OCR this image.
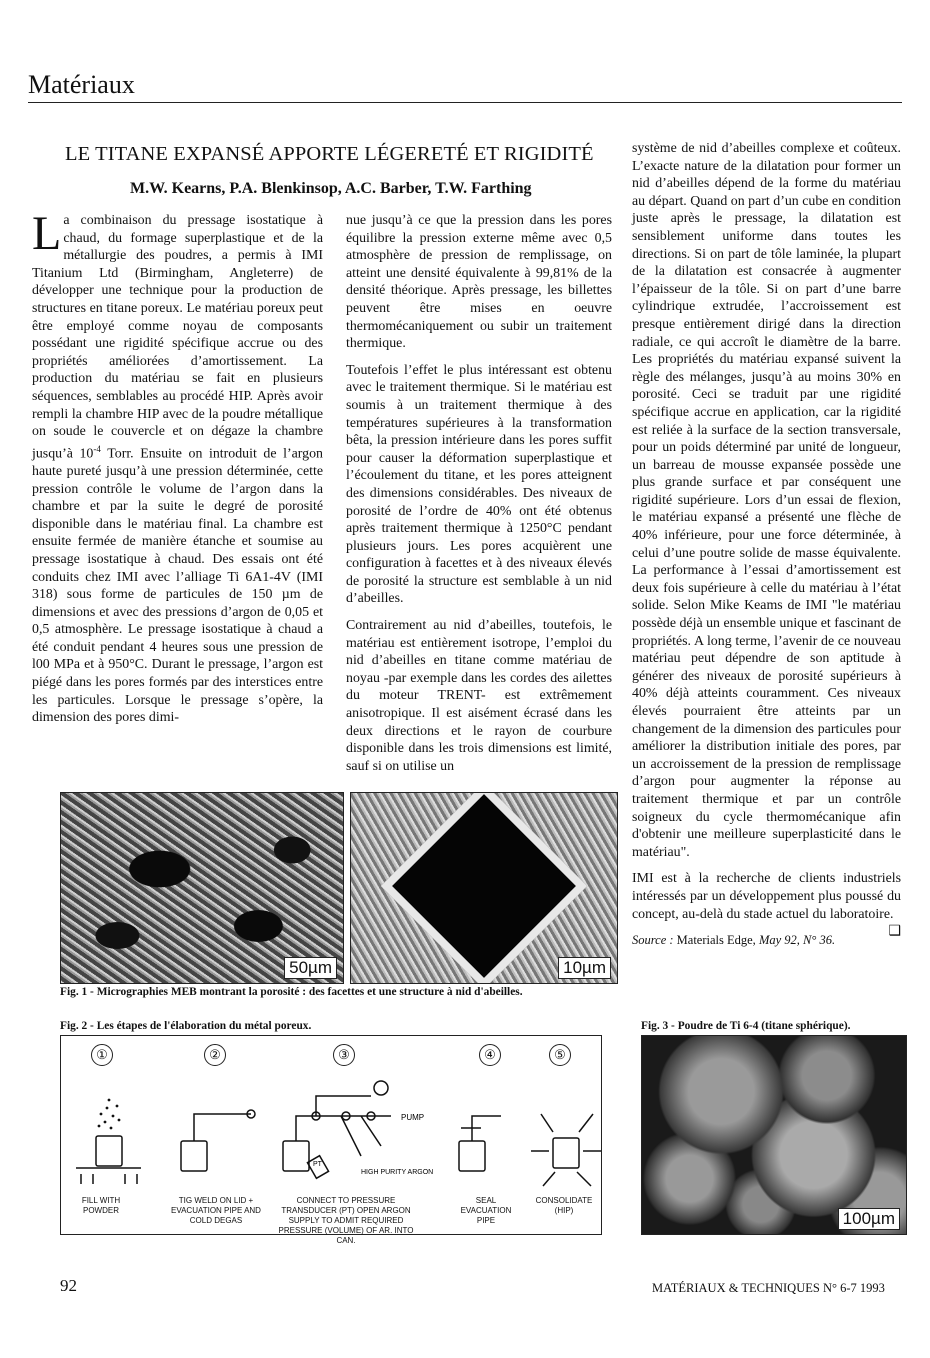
Matériaux
LE TITANE EXPANSÉ APPORTE LÉGERETÉ ET RIGIDITÉ
M.W. Kearns, P.A. Blenkinsop, A.C. Barber, T.W. Farthing

La combinaison du pressage isostatique à chaud, du formage superplastique et de la métallurgie des poudres, a permis à IMI Titanium Ltd (Birmingham, Angleterre) de développer une technique pour la production de structures en titane poreux. Le matériau poreux peut être employé comme noyau de composants possédant une rigidité spécifique accrue ou des propriétés améliorées d’amortissement. La production du matériau se fait en plusieurs séquences, semblables au procédé HIP. Après avoir rempli la chambre HIP avec de la poudre métallique on soude le couvercle et on dégaze la chambre jusqu’à $10^{-4}$ Torr. Ensuite on introduit de l’argon haute pureté jusqu’à une pression déterminée, cette pression contrôle le volume de l’argon dans la chambre et par la suite le degré de porosité disponible dans le matériau final. La chambre est ensuite fermée de manière étanche et soumise au pressage isostatique à chaud. Des essais ont été conduits chez IMI avec l’alliage Ti 6A1-4V (IMI 318) sous forme de particules de 150 µm de dimensions et avec des pressions d’argon de 0,05 et 0,5 atmosphère. Le pressage isostatique à chaud a été conduit pendant 4 heures sous une pression de l00 MPa et à 950°C. Durant le pressage, l’argon est piégé dans les pores formés par des interstices entre les particules. Lorsque le pressage s’opère, la dimension des pores dimi-

nue jusqu’à ce que la pression dans les pores équilibre la pression externe même avec 0,5 atmosphère de pression de remplissage, on atteint une densité équivalente à 99,81% de la densité théorique. Après pressage, les billettes peuvent être mises en oeuvre thermomécaniquement ou subir un traitement thermique.

Toutefois l’effet le plus intéressant est obtenu avec le traitement thermique. Si le matériau est soumis à un traitement thermique à des températures supérieures à la transformation bêta, la pression intérieure dans les pores suffit pour causer la déformation superplastique et l’écoulement du titane, et les pores atteignent des dimensions considérables. Des niveaux de porosité de l’ordre de 40% ont été obtenus après traitement thermique à 1250°C pendant plusieurs jours. Les pores acquièrent une configuration à facettes et à des niveaux élevés de porosité la structure est semblable à un nid d’abeilles.

Contrairement au nid d’abeilles, toutefois, le matériau est entièrement isotrope, l’emploi du nid d’abeilles en titane comme matériau de noyau -par exemple dans les cordes des ailettes du moteur TRENT- est extrêmement anisotropique. Il est aisément écrasé dans les deux directions et le rayon de courbure disponible dans les trois dimensions est limité, sauf si on utilise un

système de nid d’abeilles complexe et coûteux. L’exacte nature de la dilatation pour former un nid d’abeilles dépend de la forme du matériau au départ. Quand on part d’un cube en condition juste après le pressage, la dilatation est sensiblement uniforme dans toutes les directions. Si on part de tôle laminée, la plupart de la dilatation est consacrée à augmenter l’épaisseur de la tôle. Si on part d’une barre cylindrique extrudée, l’accroissement est presque entièrement dirigé dans la direction radiale, ce qui accroît le diamètre de la barre. Les propriétés du matériau expansé suivent la règle des mélanges, jusqu’à au moins 30% en porosité. Ceci se traduit par une rigidité spécifique accrue en application, car la rigidité est reliée à la surface de la section transversale, pour un poids déterminé par unité de longueur, un barreau de mousse expansée possède une plus grande surface et par conséquent une rigidité supérieure. Lors d’un essai de flexion, le matériau expansé a présenté une flèche de 40% inférieure, pour une force déterminée, à celui d’une poutre solide de masse équivalente. La performance à l’essai d’amortissement est deux fois supérieure à celle du matériau à l’état solide. Selon Mike Keams de IMI "le matériau possède déjà un ensemble unique et fascinant de propriétés. A long terme, l’avenir de ce nouveau matériau peut dépendre de son aptitude à générer des niveaux de porosité supérieurs à 40% déjà atteints couramment. Ces niveaux élevés pourraient être atteints par un changement de la dimension des particules pour améliorer la distribution initiale des pores, par un accroissement de la pression de remplissage d’argon pour augmenter la réponse au traitement thermique et par un contrôle soigneux du cycle thermomécanique afin d'obtenir une meilleure superplasticité dans le matériau".

IMI est à la recherche de clients industriels intéressés par un développement plus poussé du concept, au-delà du stade actuel du laboratoire.
❑

Source : Materials Edge, May 92, N° 36.

50µm	10µm
Fig. 1 - Micrographies MEB montrant la porosité : des facettes et une structure à nid d'abeilles.
Fig. 2 - Les étapes de l'élaboration du métal poreux.
①	②	③	④	⑤
PUMP
PT
HIGH PURITY ARGON
FILL WITH POWDER
TIG WELD ON LID + EVACUATION PIPE AND COLD DEGAS
CONNECT TO PRESSURE TRANSDUCER (PT) OPEN ARGON SUPPLY TO ADMIT REQUIRED PRESSURE (VOLUME) OF AR. INTO CAN.
SEAL EVACUATION PIPE
CONSOLIDATE (HIP)
Fig. 3 - Poudre de Ti 6-4 (titane sphérique).
100µm
92	MATÉRIAUX & TECHNIQUES N° 6-7 1993
